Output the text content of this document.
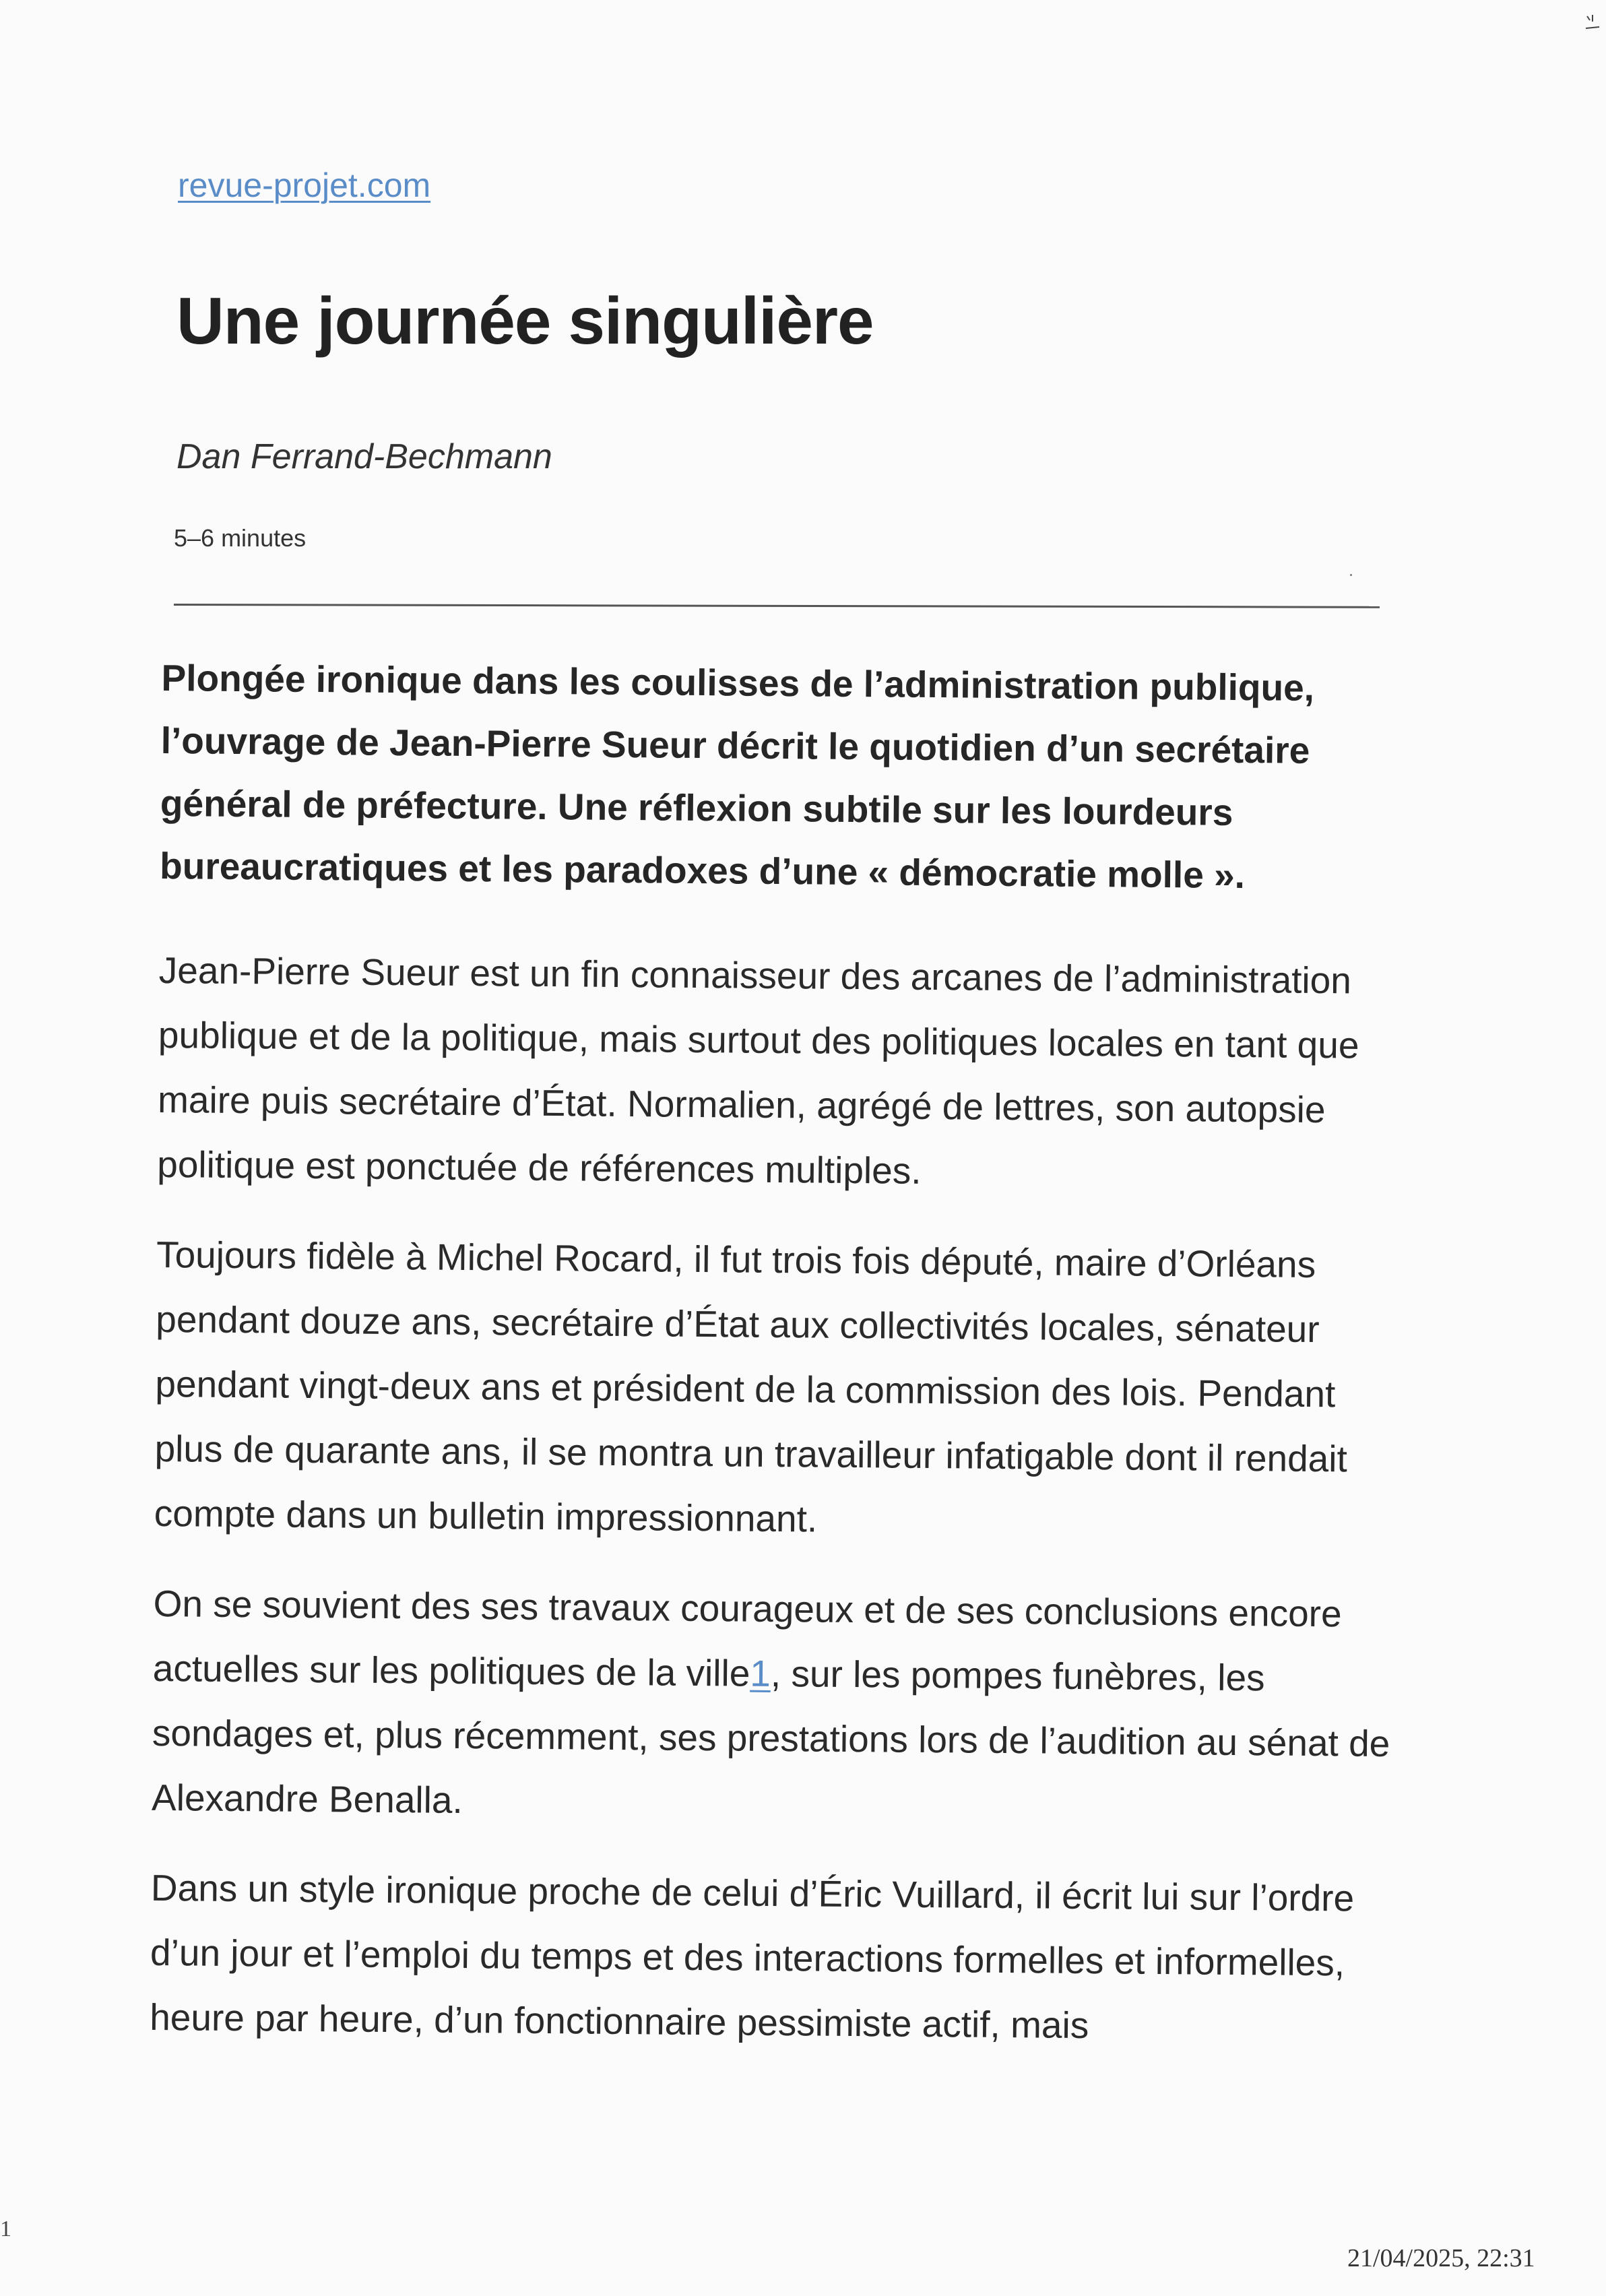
revue-projet.com
Une journée singulière
Dan Ferrand-Bechmann
5–6 minutes

Plongée ironique dans les coulisses de l’administration publique, l’ouvrage de Jean-Pierre Sueur décrit le quotidien d’un secrétaire général de préfecture. Une réflexion subtile sur les lourdeurs bureaucratiques et les paradoxes d’une « démocratie molle ».

Jean-Pierre Sueur est un fin connaisseur des arcanes de l’administration publique et de la politique, mais surtout des politiques locales en tant que maire puis secrétaire d’État. Normalien, agrégé de lettres, son autopsie politique est ponctuée de références multiples.

Toujours fidèle à Michel Rocard, il fut trois fois député, maire d’Orléans pendant douze ans, secrétaire d’État aux collectivités locales, sénateur pendant vingt-deux ans et président de la commission des lois. Pendant plus de quarante ans, il se montra un travailleur infatigable dont il rendait compte dans un bulletin impressionnant.

On se souvient des ses travaux courageux et de ses conclusions encore actuelles sur les politiques de la ville1, sur les pompes funèbres, les sondages et, plus récemment, ses prestations lors de l’audition au sénat de Alexandre Benalla.

Dans un style ironique proche de celui d’Éric Vuillard, il écrit lui sur l’ordre d’un jour et l’emploi du temps et des interactions formelles et informelles, heure par heure, d’un fonctionnaire pessimiste actif, mais

1
21/04/2025, 22:31
